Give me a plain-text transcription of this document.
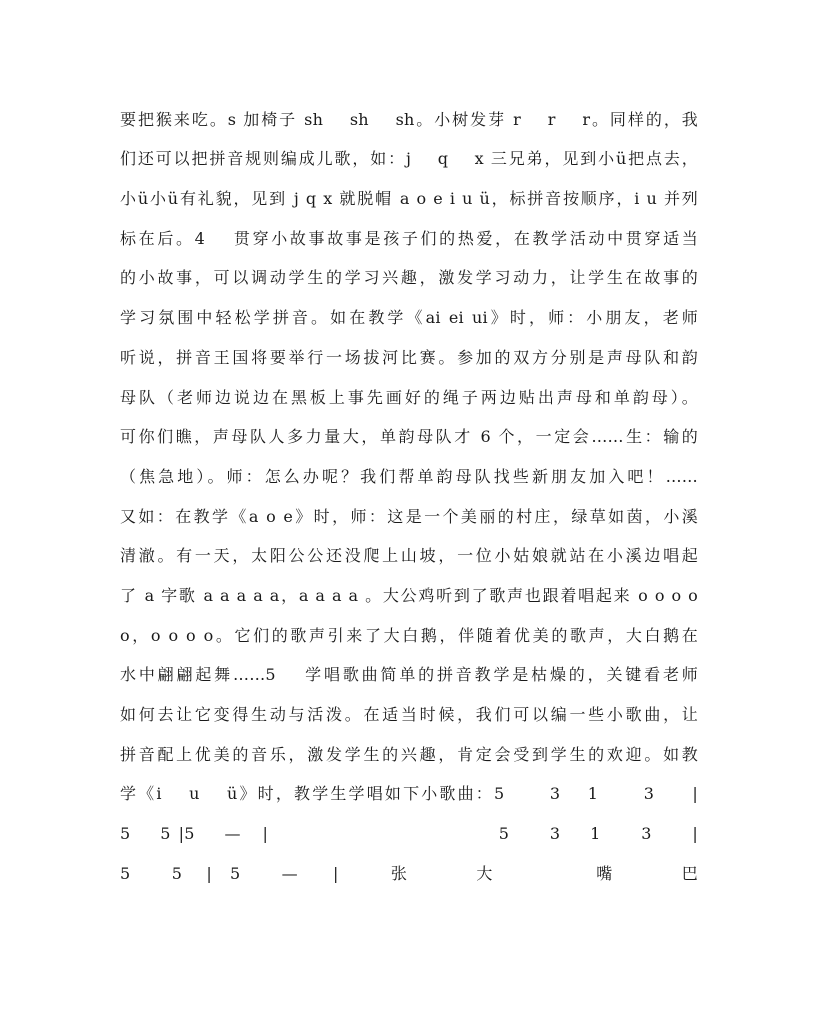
要把猴来吃。s 加椅子 sh　 sh　 sh。小树发芽 r　 r　 r。同样的，我
们还可以把拼音规则编成儿歌，如：j　 q　 x 三兄弟，见到小ü把点去，
小ü小ü有礼貌，见到 j q x 就脱帽 a o e i u ü，标拼音按顺序，i u 并列
标在后。4　 贯穿小故事故事是孩子们的热爱，在教学活动中贯穿适当
的小故事，可以调动学生的学习兴趣，激发学习动力，让学生在故事的
学习氛围中轻松学拼音。如在教学《ai ei ui》时，师：小朋友，老师
听说，拼音王国将要举行一场拔河比赛。参加的双方分别是声母队和韵
母队（老师边说边在黑板上事先画好的绳子两边贴出声母和单韵母）。
可你们瞧，声母队人多力量大，单韵母队才 6 个，一定会……生：输的
（焦急地）。师：怎么办呢？我们帮单韵母队找些新朋友加入吧！……
又如：在教学《a o e》时，师：这是一个美丽的村庄，绿草如茵，小溪
清澈。有一天，太阳公公还没爬上山坡，一位小姑娘就站在小溪边唱起
了 a 字歌 a a a a a，a a a a 。大公鸡听到了歌声也跟着唱起来 o o o o
o，o o o o。它们的歌声引来了大白鹅，伴随着优美的歌声，大白鹅在
水中翩翩起舞……5　 学唱歌曲简单的拼音教学是枯燥的，关键看老师
如何去让它变得生动与活泼。在适当时候，我们可以编一些小歌曲，让
拼音配上优美的音乐，激发学生的兴趣，肯定会受到学生的欢迎。如教
学《i　 u　 ü》时，教学生学唱如下小歌曲：5　　 3　 1　　 3　　|
5　 5 |5　 —　|　　　　　　　　　　　　5　　3　 1　　3　　|
5　　 5　 |　5　　 —　　|　　　张　　　　大　　　　　　嘴　　　　巴
